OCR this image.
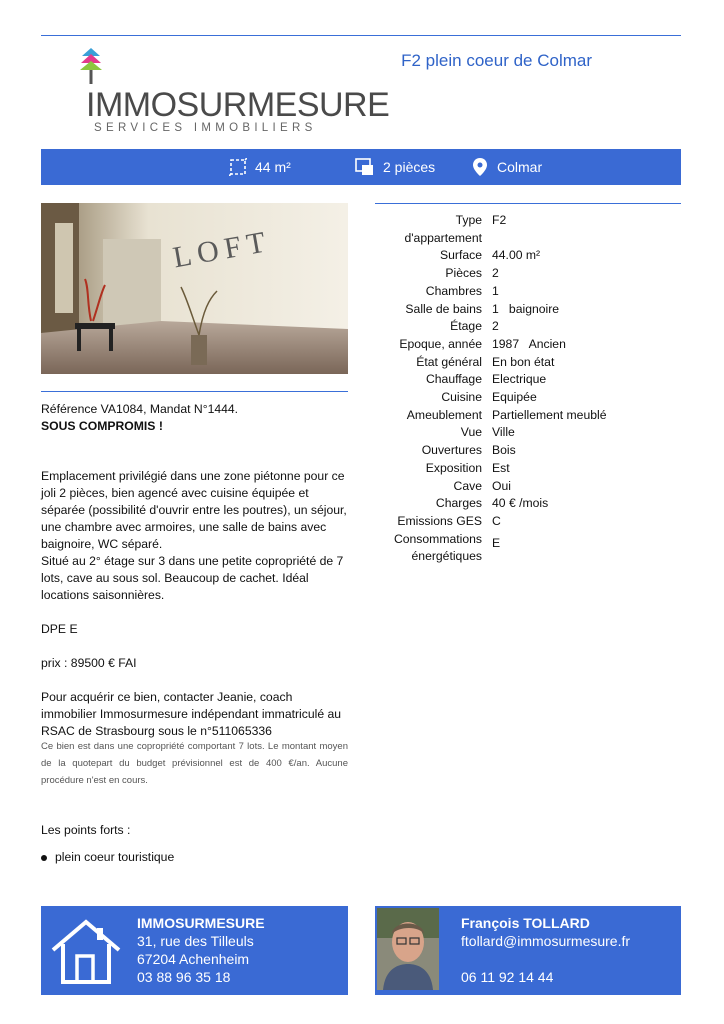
IMMOSURMESURE
SERVICES IMMOBILIERS
F2 plein coeur de Colmar
44 m²	2 pièces	Colmar
LOFT
Référence VA1084, Mandat N°1444.
SOUS COMPROMIS !
Emplacement privilégié dans une zone piétonne pour ce
joli 2 pièces, bien agencé avec cuisine équipée et
séparée (possibilité d'ouvrir entre les poutres), un séjour,
une chambre avec armoires, une salle de bains avec
baignoire, WC séparé.
Situé au 2° étage sur 3 dans une petite copropriété de 7
lots, cave au sous sol. Beaucoup de cachet. Idéal
locations saisonnières.
DPE E
prix : 89500 € FAI
Pour acquérir ce bien, contacter Jeanie, coach
immobilier Immosurmesure indépendant immatriculé au
RSAC de Strasbourg sous le n°511065336
Ce bien est dans une copropriété comportant 7 lots. Le montant moyen de la quotepart du budget prévisionnel est de 400 €/an. Aucune procédure n'est en cours.
Les points forts :
plein coeur touristique
Type d'appartement
F2
Surface 44.00 m²
Pièces 2
Chambres 1
Salle de bains 1   baignoire
Étage 2
Epoque, année 1987   Ancien
État général En bon état
Chauffage Electrique
Cuisine Equipée
Ameublement Partiellement meublé
Vue Ville
Ouvertures Bois
Exposition Est
Cave Oui
Charges 40 € /mois
Emissions GES C
Consommations énergétiques
E
IMMOSURMESURE
31, rue des Tilleuls
67204 Achenheim
03 88 96 35 18
François TOLLARD
ftollard@immosurmesure.fr
06 11 92 14 44
